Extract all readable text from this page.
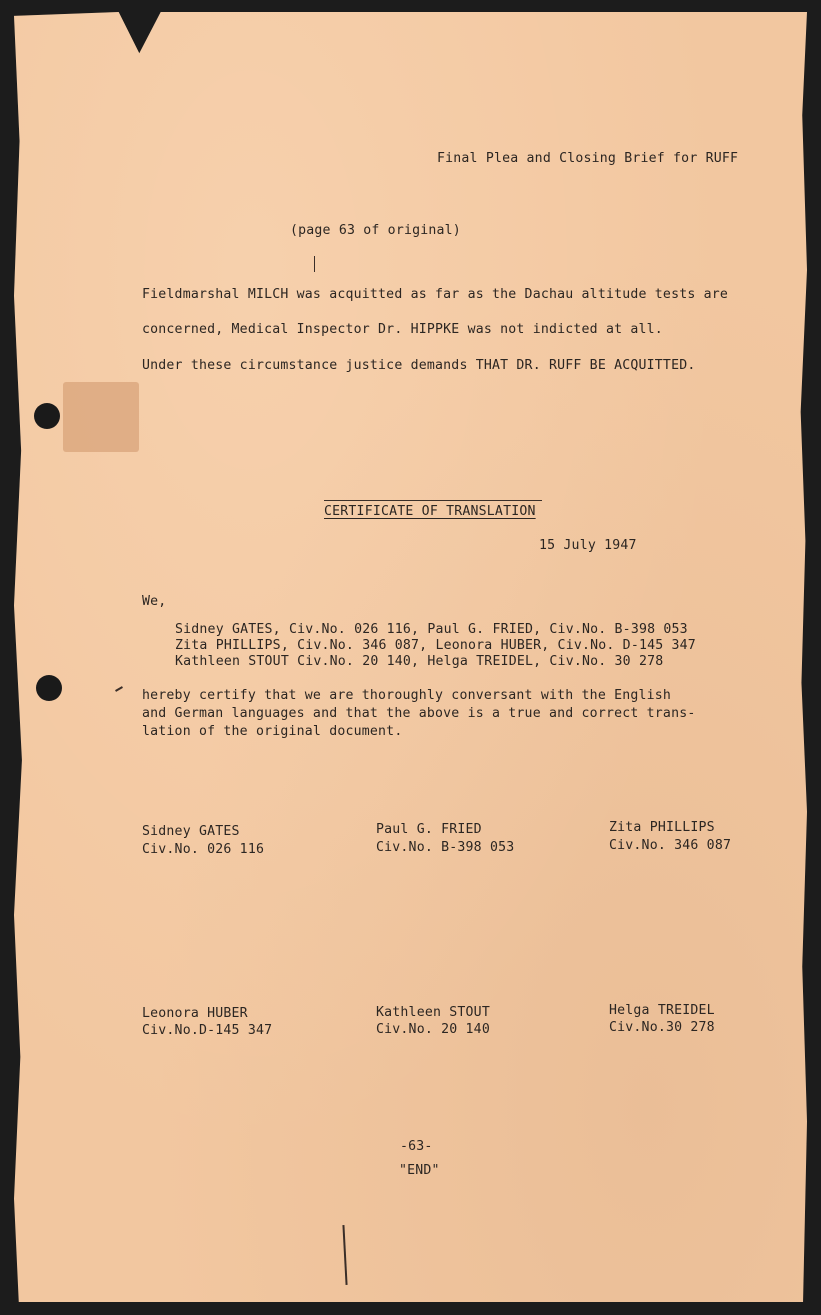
Final Plea and Closing Brief for RUFF
(page 63 of original)
Fieldmarshal MILCH was acquitted as far as the Dachau altitude tests are
concerned, Medical Inspector Dr. HIPPKE was not indicted at all.
Under these circumstance justice demands THAT DR. RUFF BE ACQUITTED.
CERTIFICATE OF TRANSLATION
15 July 1947
We,
Sidney GATES, Civ.No. 026 116, Paul G. FRIED, Civ.No. B-398 053
Zita PHILLIPS, Civ.No. 346 087, Leonora HUBER, Civ.No. D-145 347
Kathleen STOUT Civ.No. 20 140, Helga TREIDEL, Civ.No. 30 278
hereby certify that we are thoroughly conversant with the English
and German languages and that the above is a true and correct trans-
lation of the original document.
Sidney GATES
Civ.No. 026 116
Paul G. FRIED
Civ.No. B-398 053
Zita PHILLIPS
Civ.No. 346 087
Leonora HUBER
Civ.No.D-145 347
Kathleen STOUT
Civ.No. 20 140
Helga TREIDEL
Civ.No.30 278
-63-
"END"
